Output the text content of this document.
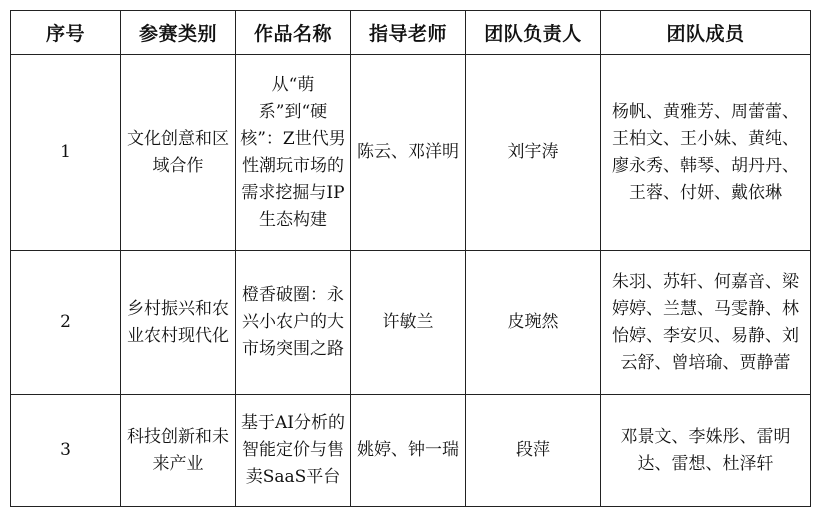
序号	参赛类别	作品名称	指导老师	团队负责人	团队成员
1	文化创意和区域合作	从“萌系”到“硬核”：Z世代男性潮玩市场的需求挖掘与IP生态构建	陈云、邓洋明	刘宇涛	杨帆、黄雅芳、周蕾蕾、王柏文、王小妹、黄纯、廖永秀、韩琴、胡丹丹、王蓉、付妍、戴依琳
2	乡村振兴和农业农村现代化	橙香破圈：永兴小农户的大市场突围之路	许敏兰	皮琬然	朱羽、苏轩、何嘉音、梁婷婷、兰慧、马雯静、林怡婷、李安贝、易静、刘云舒、曾培瑜、贾静蕾
3	科技创新和未来产业	基于AI分析的智能定价与售卖SaaS平台	姚婷、钟一瑞	段萍	邓景文、李姝彤、雷明达、雷想、杜泽轩
